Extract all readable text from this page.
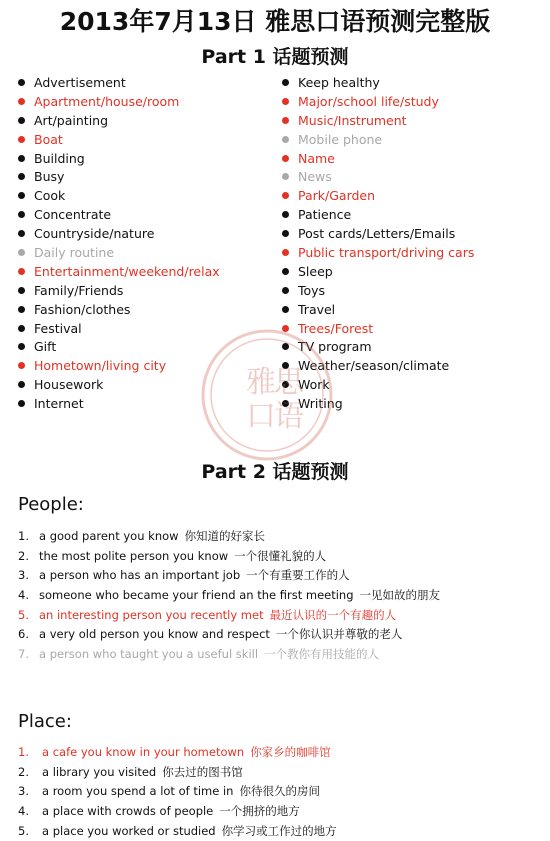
2013年7月13日 雅思口语预测完整版
Part 1 话题预测
Advertisement
Apartment/house/room
Art/painting
Boat
Building
Busy
Cook
Concentrate
Countryside/nature
Daily routine
Entertainment/weekend/relax
Family/Friends
Fashion/clothes
Festival
Gift
Hometown/living city
Housework
Internet
Keep healthy
Major/school life/study
Music/Instrument
Mobile phone
Name
News
Park/Garden
Patience
Post cards/Letters/Emails
Public transport/driving cars
Sleep
Toys
Travel
Trees/Forest
TV program
Weather/season/climate
Work
Writing
雅
思
口
语
Part 2 话题预测
People:
1. a good parent you know 你知道的好家长
2. the most polite person you know 一个很懂礼貌的人
3. a person who has an important job 一个有重要工作的人
4. someone who became your friend an the first meeting 一见如故的朋友
5. an interesting person you recently met 最近认识的一个有趣的人
6. a very old person you know and respect 一个你认识并尊敬的老人
7. a person who taught you a useful skill 一个教你有用技能的人
Place:
1. a cafe you know in your hometown 你家乡的咖啡馆
2. a library you visited 你去过的图书馆
3. a room you spend a lot of time in 你待很久的房间
4. a place with crowds of people 一个拥挤的地方
5. a place you worked or studied 你学习或工作过的地方
